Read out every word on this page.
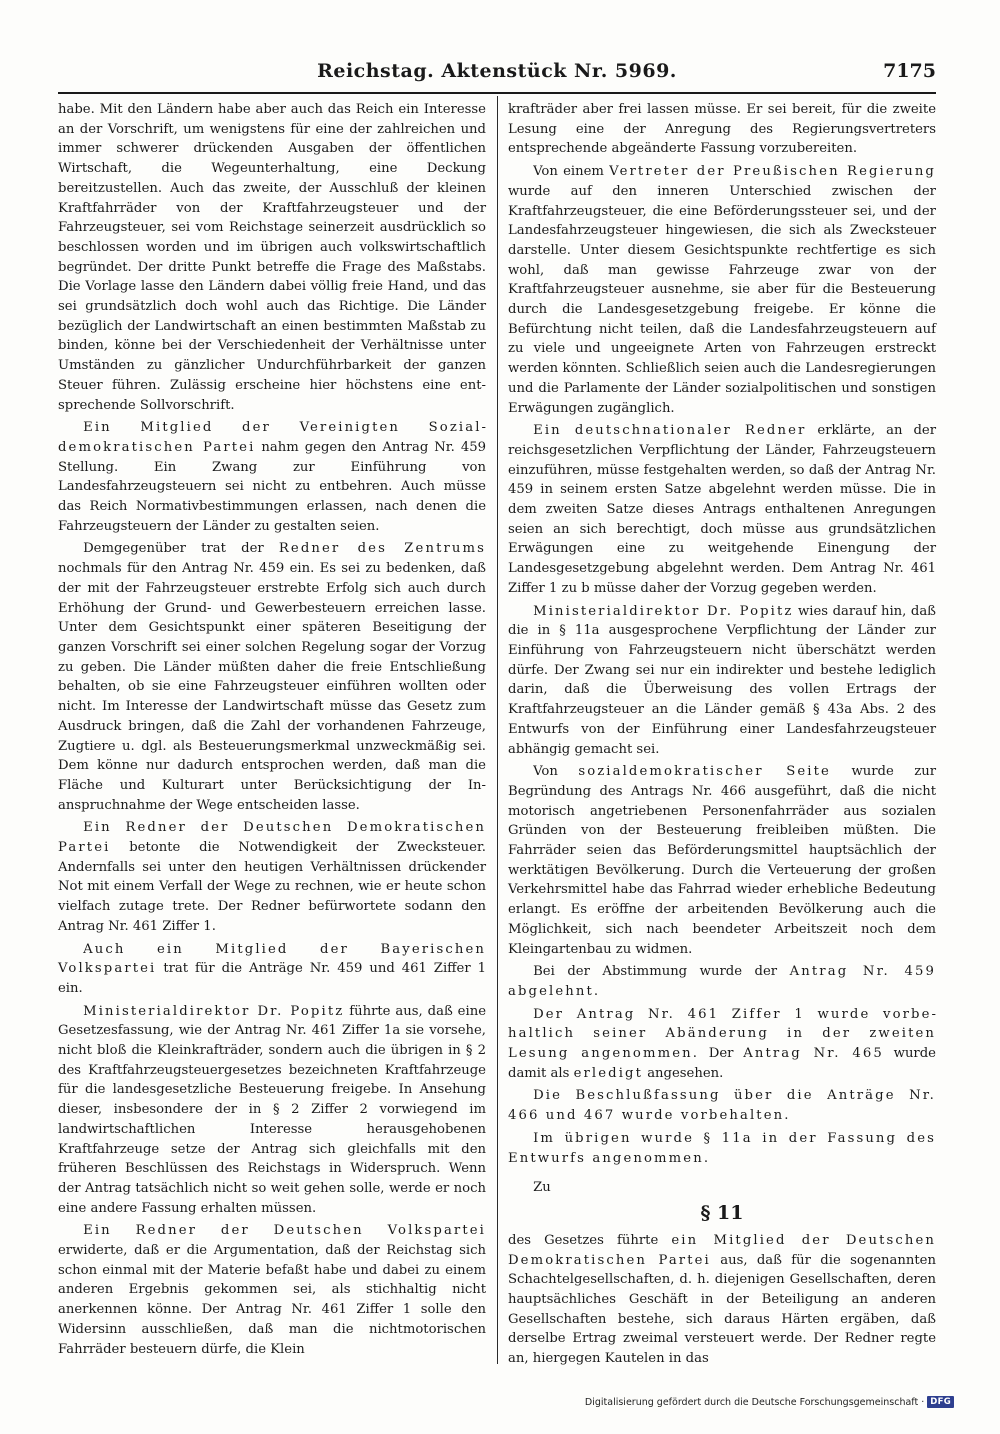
Reichstag. Aktenstück Nr. 5969.	7175

habe. Mit den Ländern habe aber auch das Reich ein Interesse an der Vorschrift, um wenigstens für eine der zahlreichen und immer schwerer drückenden Ausgaben der öffentlichen Wirtschaft, die Wegeunterhaltung, eine Deckung bereitzustellen. Auch das zweite, der Ausschluß der kleinen Kraftfahrräder von der Kraftfahrzeugsteuer und der Fahrzeugsteuer, sei vom Reichstage seinerzeit ausdrücklich so beschlossen worden und im übrigen auch volkswirtschaftlich begründet. Der dritte Punkt betreffe die Frage des Maßstabs. Die Vorlage lasse den Ländern dabei völlig freie Hand, und das sei grundsätzlich doch wohl auch das Richtige. Die Länder bezüglich der Landwirtschaft an einen bestimmten Maßstab zu binden, könne bei der Verschiedenheit der Verhältnisse unter Umständen zu gänzlicher Undurchführbarkeit der ganzen Steuer führen. Zulässig erscheine hier höchstens eine entsprechende Sollvorschrift.

Ein Mitglied der Vereinigten Sozialdemokratischen Partei nahm gegen den Antrag Nr. 459 Stellung. Ein Zwang zur Einführung von Landesfahrzeugsteuern sei nicht zu entbehren. Auch müsse das Reich Normativbestimmungen erlassen, nach denen die Fahrzeugsteuern der Länder zu gestalten seien.

Demgegenüber trat der Redner des Zentrums nochmals für den Antrag Nr. 459 ein. Es sei zu bedenken, daß der mit der Fahrzeugsteuer erstrebte Erfolg sich auch durch Erhöhung der Grund- und Gewerbesteuern erreichen lasse. Unter dem Gesichtspunkt einer späteren Beseitigung der ganzen Vorschrift sei einer solchen Regelung sogar der Vorzug zu geben. Die Länder müßten daher die freie Entschließung behalten, ob sie eine Fahrzeugsteuer einführen wollten oder nicht. Im Interesse der Landwirtschaft müsse das Gesetz zum Ausdruck bringen, daß die Zahl der vorhandenen Fahrzeuge, Zugtiere u. dgl. als Besteuerungsmerkmal unzweckmäßig sei. Dem könne nur dadurch entsprochen werden, daß man die Fläche und Kulturart unter Berücksichtigung der Inanspruchnahme der Wege entscheiden lasse.

Ein Redner der Deutschen Demokratischen Partei betonte die Notwendigkeit der Zwecksteuer. Andernfalls sei unter den heutigen Verhältnissen drückender Not mit einem Verfall der Wege zu rechnen, wie er heute schon vielfach zutage trete. Der Redner befürwortete sodann den Antrag Nr. 461 Ziffer 1.

Auch ein Mitglied der Bayerischen Volkspartei trat für die Anträge Nr. 459 und 461 Ziffer 1 ein.

Ministerialdirektor Dr. Popitz führte aus, daß eine Gesetzesfassung, wie der Antrag Nr. 461 Ziffer 1a sie vorsehe, nicht bloß die Kleinkrafträder, sondern auch die übrigen in § 2 des Kraftfahrzeugsteuergesetzes bezeichneten Kraftfahrzeuge für die landesgesetzliche Besteuerung freigebe. In Ansehung dieser, insbesondere der in § 2 Ziffer 2 vorwiegend im landwirtschaftlichen Interesse herausgehobenen Kraftfahrzeuge setze der Antrag sich gleichfalls mit den früheren Beschlüssen des Reichstags in Widerspruch. Wenn der Antrag tatsächlich nicht so weit gehen solle, werde er noch eine andere Fassung erhalten müssen.

Ein Redner der Deutschen Volkspartei erwiderte, daß er die Argumentation, daß der Reichstag sich schon einmal mit der Materie befaßt habe und dabei zu einem anderen Ergebnis gekommen sei, als stichhaltig nicht anerkennen könne. Der Antrag Nr. 461 Ziffer 1 solle den Widersinn ausschließen, daß man die nichtmotorischen Fahrräder besteuern dürfe, die Klein

krafträder aber frei lassen müsse. Er sei bereit, für die zweite Lesung eine der Anregung des Regierungsvertreters entsprechende abgeänderte Fassung vorzubereiten.

Von einem Vertreter der Preußischen Regierung wurde auf den inneren Unterschied zwischen der Kraftfahrzeugsteuer, die eine Beförderungssteuer sei, und der Landesfahrzeugsteuer hingewiesen, die sich als Zwecksteuer darstelle. Unter diesem Gesichtspunkte rechtfertige es sich wohl, daß man gewisse Fahrzeuge zwar von der Kraftfahrzeugsteuer ausnehme, sie aber für die Besteuerung durch die Landesgesetzgebung freigebe. Er könne die Befürchtung nicht teilen, daß die Landesfahrzeugsteuern auf zu viele und ungeeignete Arten von Fahrzeugen erstreckt werden könnten. Schließlich seien auch die Landesregierungen und die Parlamente der Länder sozialpolitischen und sonstigen Erwägungen zugänglich.

Ein deutschnationaler Redner erklärte, an der reichsgesetzlichen Verpflichtung der Länder, Fahrzeugsteuern einzuführen, müsse festgehalten werden, so daß der Antrag Nr. 459 in seinem ersten Satze abgelehnt werden müsse. Die in dem zweiten Satze dieses Antrags enthaltenen Anregungen seien an sich berechtigt, doch müsse aus grundsätzlichen Erwägungen eine zu weitgehende Einengung der Landesgesetzgebung abgelehnt werden. Dem Antrag Nr. 461 Ziffer 1 zu b müsse daher der Vorzug gegeben werden.

Ministerialdirektor Dr. Popitz wies darauf hin, daß die in § 11a ausgesprochene Verpflichtung der Länder zur Einführung von Fahrzeugsteuern nicht überschätzt werden dürfe. Der Zwang sei nur ein indirekter und bestehe lediglich darin, daß die Überweisung des vollen Ertrags der Kraftfahrzeugsteuer an die Länder gemäß § 43a Abs. 2 des Entwurfs von der Einführung einer Landesfahrzeugsteuer abhängig gemacht sei.

Von sozialdemokratischer Seite wurde zur Begründung des Antrags Nr. 466 ausgeführt, daß die nicht motorisch angetriebenen Personenfahrräder aus sozialen Gründen von der Besteuerung freibleiben müßten. Die Fahrräder seien das Beförderungsmittel hauptsächlich der werktätigen Bevölkerung. Durch die Verteuerung der großen Verkehrsmittel habe das Fahrrad wieder erhebliche Bedeutung erlangt. Es eröffne der arbeitenden Bevölkerung auch die Möglichkeit, sich nach beendeter Arbeitszeit noch dem Kleingartenbau zu widmen.

Bei der Abstimmung wurde der Antrag Nr. 459 abgelehnt.

Der Antrag Nr. 461 Ziffer 1 wurde vorbehaltlich seiner Abänderung in der zweiten Lesung angenommen. Der Antrag Nr. 465 wurde damit als erledigt angesehen.

Die Beschlußfassung über die Anträge Nr. 466 und 467 wurde vorbehalten.

Im übrigen wurde § 11a in der Fassung des Entwurfs angenommen.

Zu

§ 11

des Gesetzes führte ein Mitglied der Deutschen Demokratischen Partei aus, daß für die sogenannten Schachtelgesellschaften, d. h. diejenigen Gesellschaften, deren hauptsächliches Geschäft in der Beteiligung an anderen Gesellschaften bestehe, sich daraus Härten ergäben, daß derselbe Ertrag zweimal versteuert werde. Der Redner regte an, hiergegen Kautelen in das

Digitalisierung gefördert durch die Deutsche Forschungsgemeinschaft · DFG
